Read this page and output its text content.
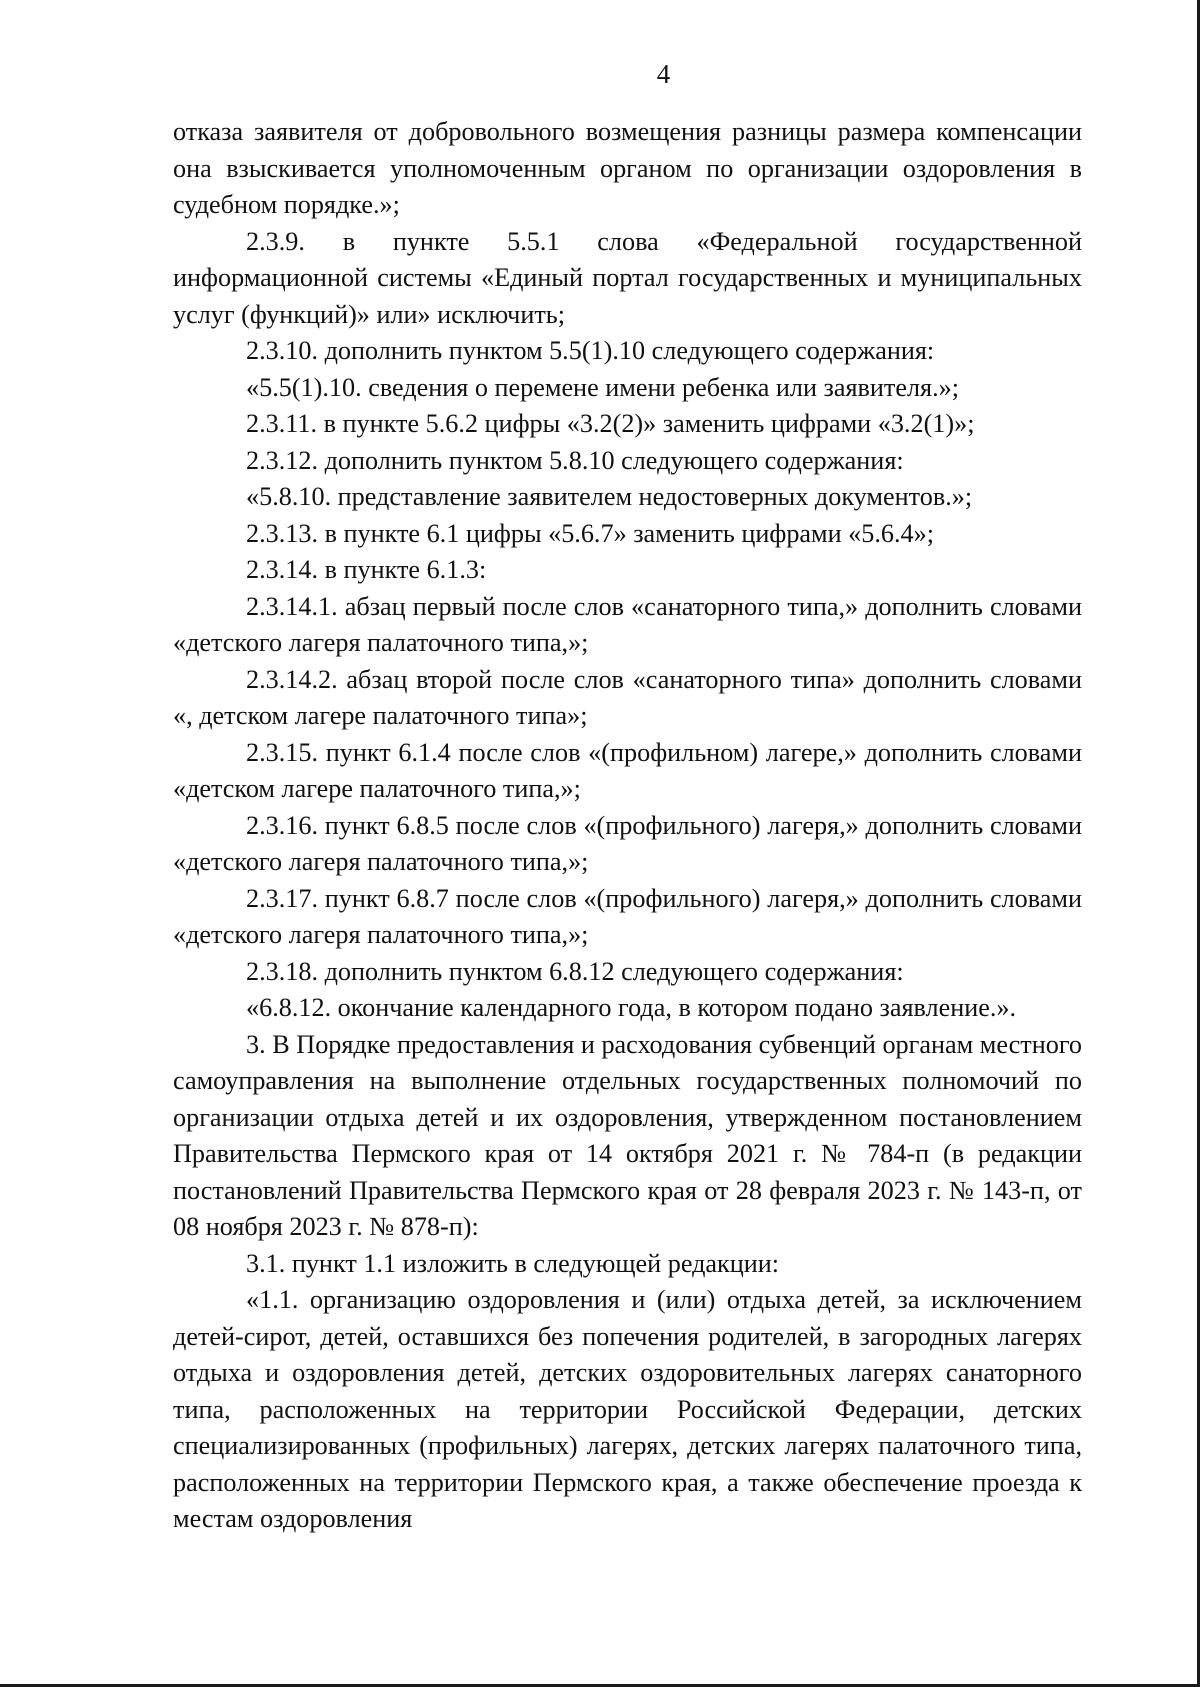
4

отказа заявителя от добровольного возмещения разницы размера компенсации она взыскивается уполномоченным органом по организации оздоровления в судебном порядке.»;

2.3.9. в пункте 5.5.1 слова «Федеральной государственной информационной системы «Единый портал государственных и муниципальных услуг (функций)» или» исключить;

2.3.10. дополнить пунктом 5.5(1).10 следующего содержания:

«5.5(1).10. сведения о перемене имени ребенка или заявителя.»;

2.3.11. в пункте 5.6.2 цифры «3.2(2)» заменить цифрами «3.2(1)»;

2.3.12. дополнить пунктом 5.8.10 следующего содержания:

«5.8.10. представление заявителем недостоверных документов.»;

2.3.13. в пункте 6.1 цифры «5.6.7» заменить цифрами «5.6.4»;

2.3.14. в пункте 6.1.3:

2.3.14.1. абзац первый после слов «санаторного типа,» дополнить словами «детского лагеря палаточного типа,»;

2.3.14.2. абзац второй после слов «санаторного типа» дополнить словами «, детском лагере палаточного типа»;

2.3.15. пункт 6.1.4 после слов «(профильном) лагере,» дополнить словами «детском лагере палаточного типа,»;

2.3.16. пункт 6.8.5 после слов «(профильного) лагеря,» дополнить словами «детского лагеря палаточного типа,»;

2.3.17. пункт 6.8.7 после слов «(профильного) лагеря,» дополнить словами «детского лагеря палаточного типа,»;

2.3.18. дополнить пунктом 6.8.12 следующего содержания:

«6.8.12. окончание календарного года, в котором подано заявление.».

3. В Порядке предоставления и расходования субвенций органам местного самоуправления на выполнение отдельных государственных полномочий по организации отдыха детей и их оздоровления, утвержденном постановлением Правительства Пермского края от 14 октября 2021 г. № 784-п (в редакции постановлений Правительства Пермского края от 28 февраля 2023 г. № 143-п, от 08 ноября 2023 г. № 878-п):

3.1. пункт 1.1 изложить в следующей редакции:

«1.1. организацию оздоровления и (или) отдыха детей, за исключением детей-сирот, детей, оставшихся без попечения родителей, в загородных лагерях отдыха и оздоровления детей, детских оздоровительных лагерях санаторного типа, расположенных на территории Российской Федерации, детских специализированных (профильных) лагерях, детских лагерях палаточного типа, расположенных на территории Пермского края, а также обеспечение проезда к местам оздоровления
